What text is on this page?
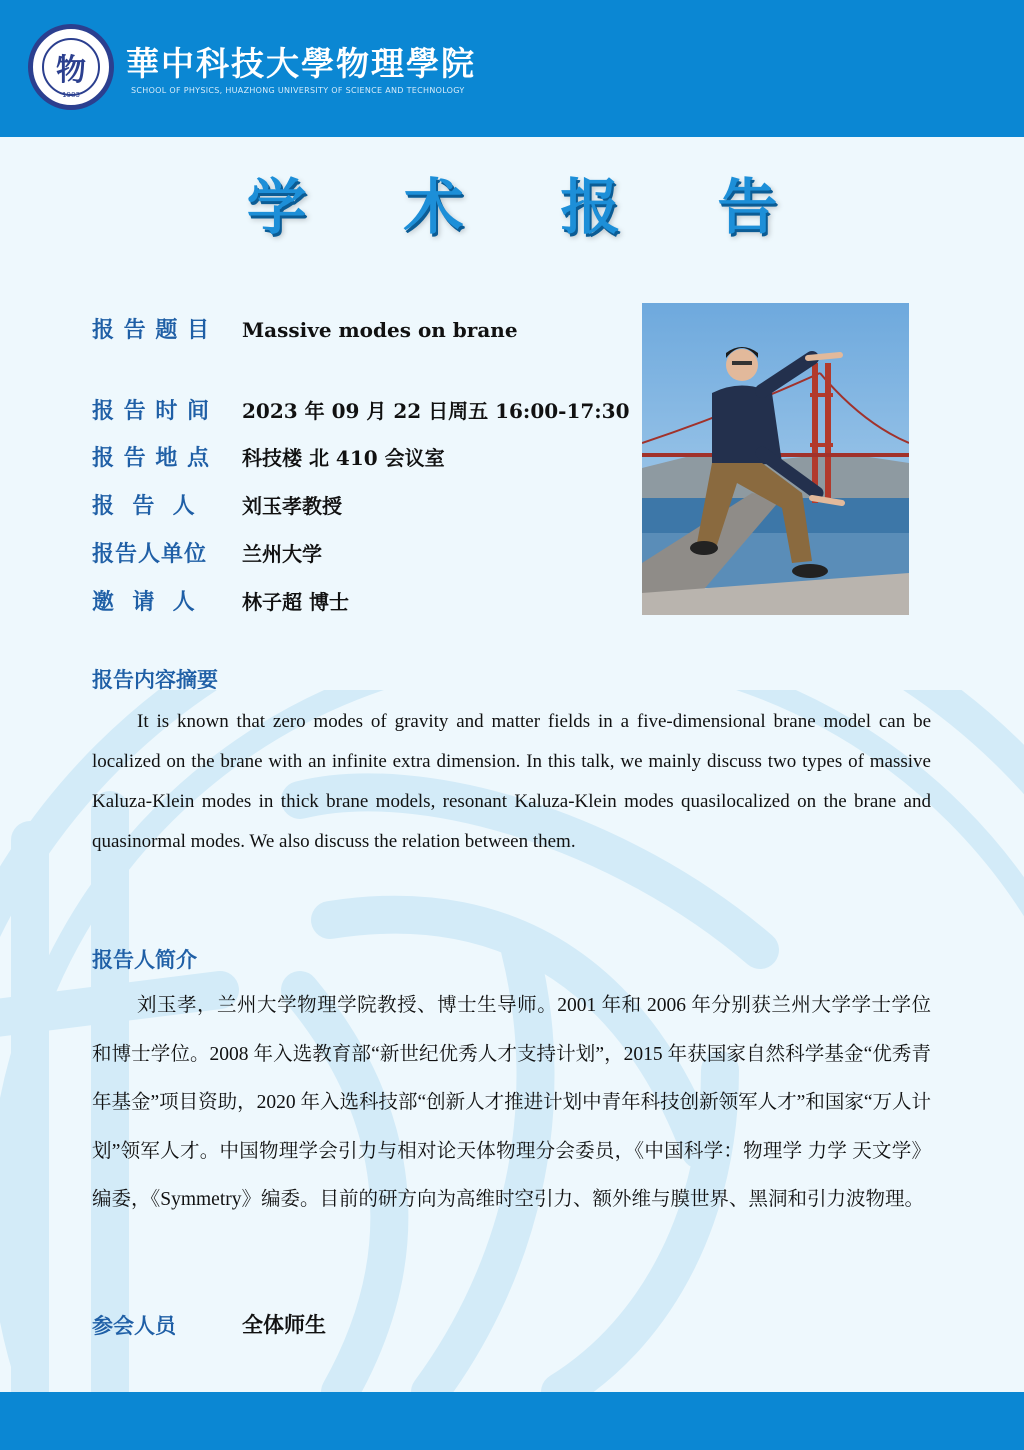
物
1983
華中科技大學物理學院
SCHOOL OF PHYSICS, HUAZHONG UNIVERSITY OF SCIENCE AND TECHNOLOGY
学 术 报 告
报 告 题 目 Massive modes on brane
报 告 时 间 2023 年 09 月 22 日周五 16:00-17:30
报 告 地 点 科技楼 北 410 会议室
报  告  人 刘玉孝教授
报告人单位 兰州大学
邀  请  人 林子超 博士
报告内容摘要
It is known that zero modes of gravity and matter fields in a five-dimensional brane model can be localized on the brane with an infinite extra dimension. In this talk, we mainly discuss two types of massive Kaluza-Klein modes in thick brane models, resonant Kaluza-Klein modes quasilocalized on the brane and quasinormal modes. We also discuss the relation between them.
报告人简介
刘玉孝，兰州大学物理学院教授、博士生导师。2001 年和 2006 年分别获兰州大学学士学位和博士学位。2008 年入选教育部“新世纪优秀人才支持计划”，2015 年获国家自然科学基金“优秀青年基金”项目资助，2020 年入选科技部“创新人才推进计划中青年科技创新领军人才”和国家“万人计划”领军人才。中国物理学会引力与相对论天体物理分会委员，《中国科学：物理学 力学 天文学》编委，《Symmetry》编委。目前的研方向为高维时空引力、额外维与膜世界、黑洞和引力波物理。
参会人员	全体师生
